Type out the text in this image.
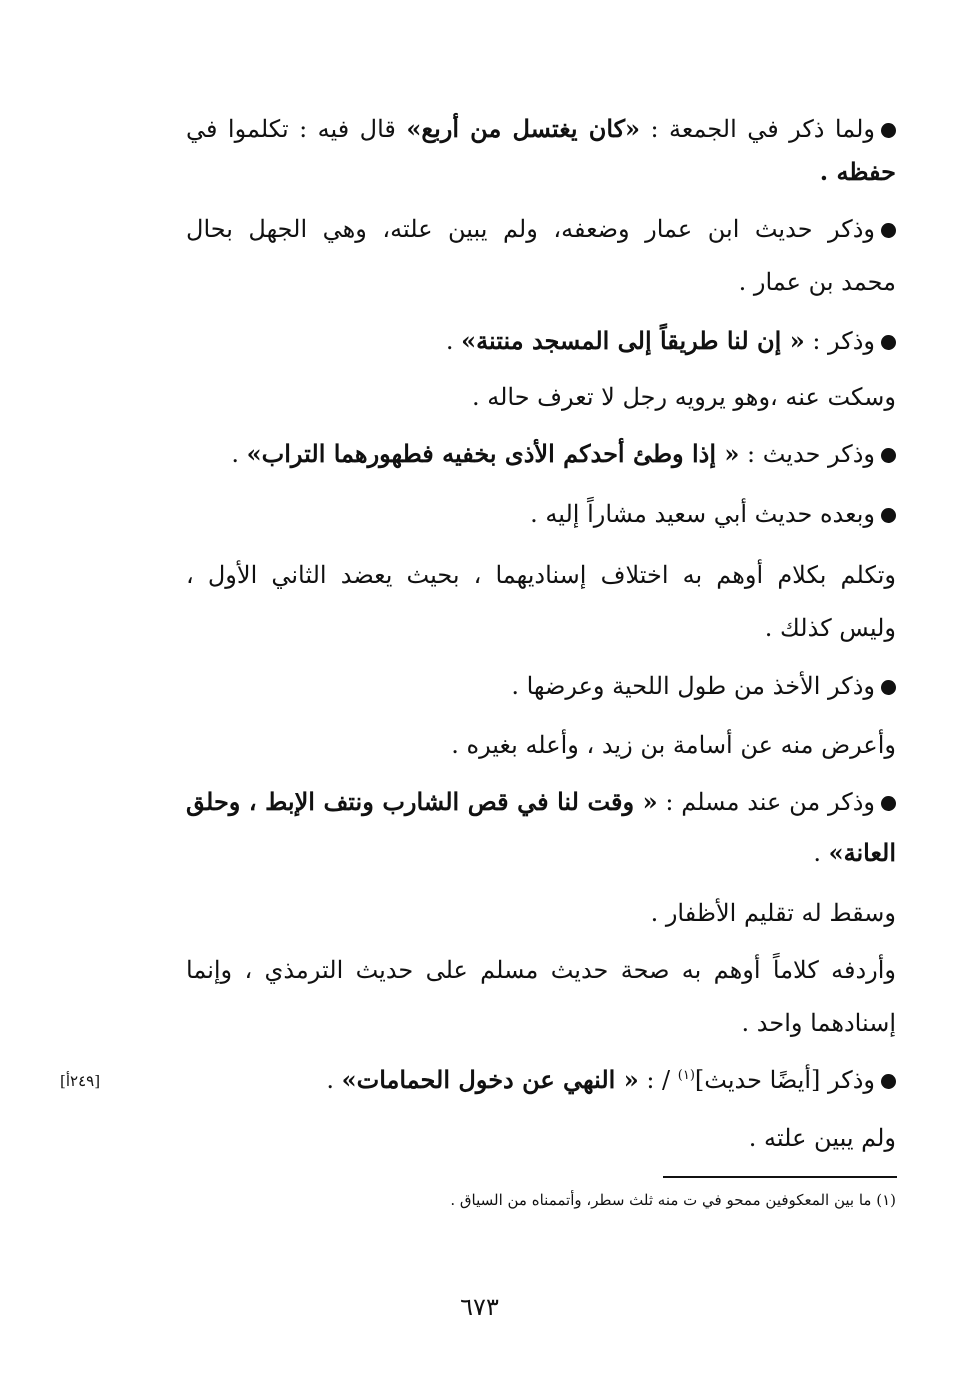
ولما ذكر في الجمعة : «كان يغتسل من أربع» قال فيه : تكلموا في
حفظه .
وذكر حديث ابن عمار وضعفه، ولم يبين علته، وهي الجهل بحال
محمد بن عمار .
وذكر : « إن لنا طريقاً إلى المسجد منتنة» .
وسكت عنه ،وهو يرويه رجل لا تعرف حاله .
وذكر حديث : « إذا وطئ أحدكم الأذى بخفيه فطهورهما التراب» .
وبعده حديث أبي سعيد مشاراً إليه .
وتكلم بكلام أوهم به اختلاف إسناديهما ، بحيث يعضد الثاني الأول ،
وليس كذلك .
وذكر الأخذ من طول اللحية وعرضها .
وأعرض منه عن أسامة بن زيد ، وأعله بغيره .
وذكر من عند مسلم : « وقت لنا في قص الشارب ونتف الإبط ، وحلق
العانة» .
وسقط له تقليم الأظفار .
وأردفه كلاماً أوهم به صحة حديث مسلم على حديث الترمذي ، وإنما
إسنادهما واحد .
وذكر [أيضًا حديث]$^{(١)}$ / : « النهي عن دخول الحمامات» .
ولم يبين علته .
[٢٤٩أ]
(١) ما بين المعكوفين ممحو في ت منه ثلث سطر، وأتممناه من السياق .
٦٧٣
